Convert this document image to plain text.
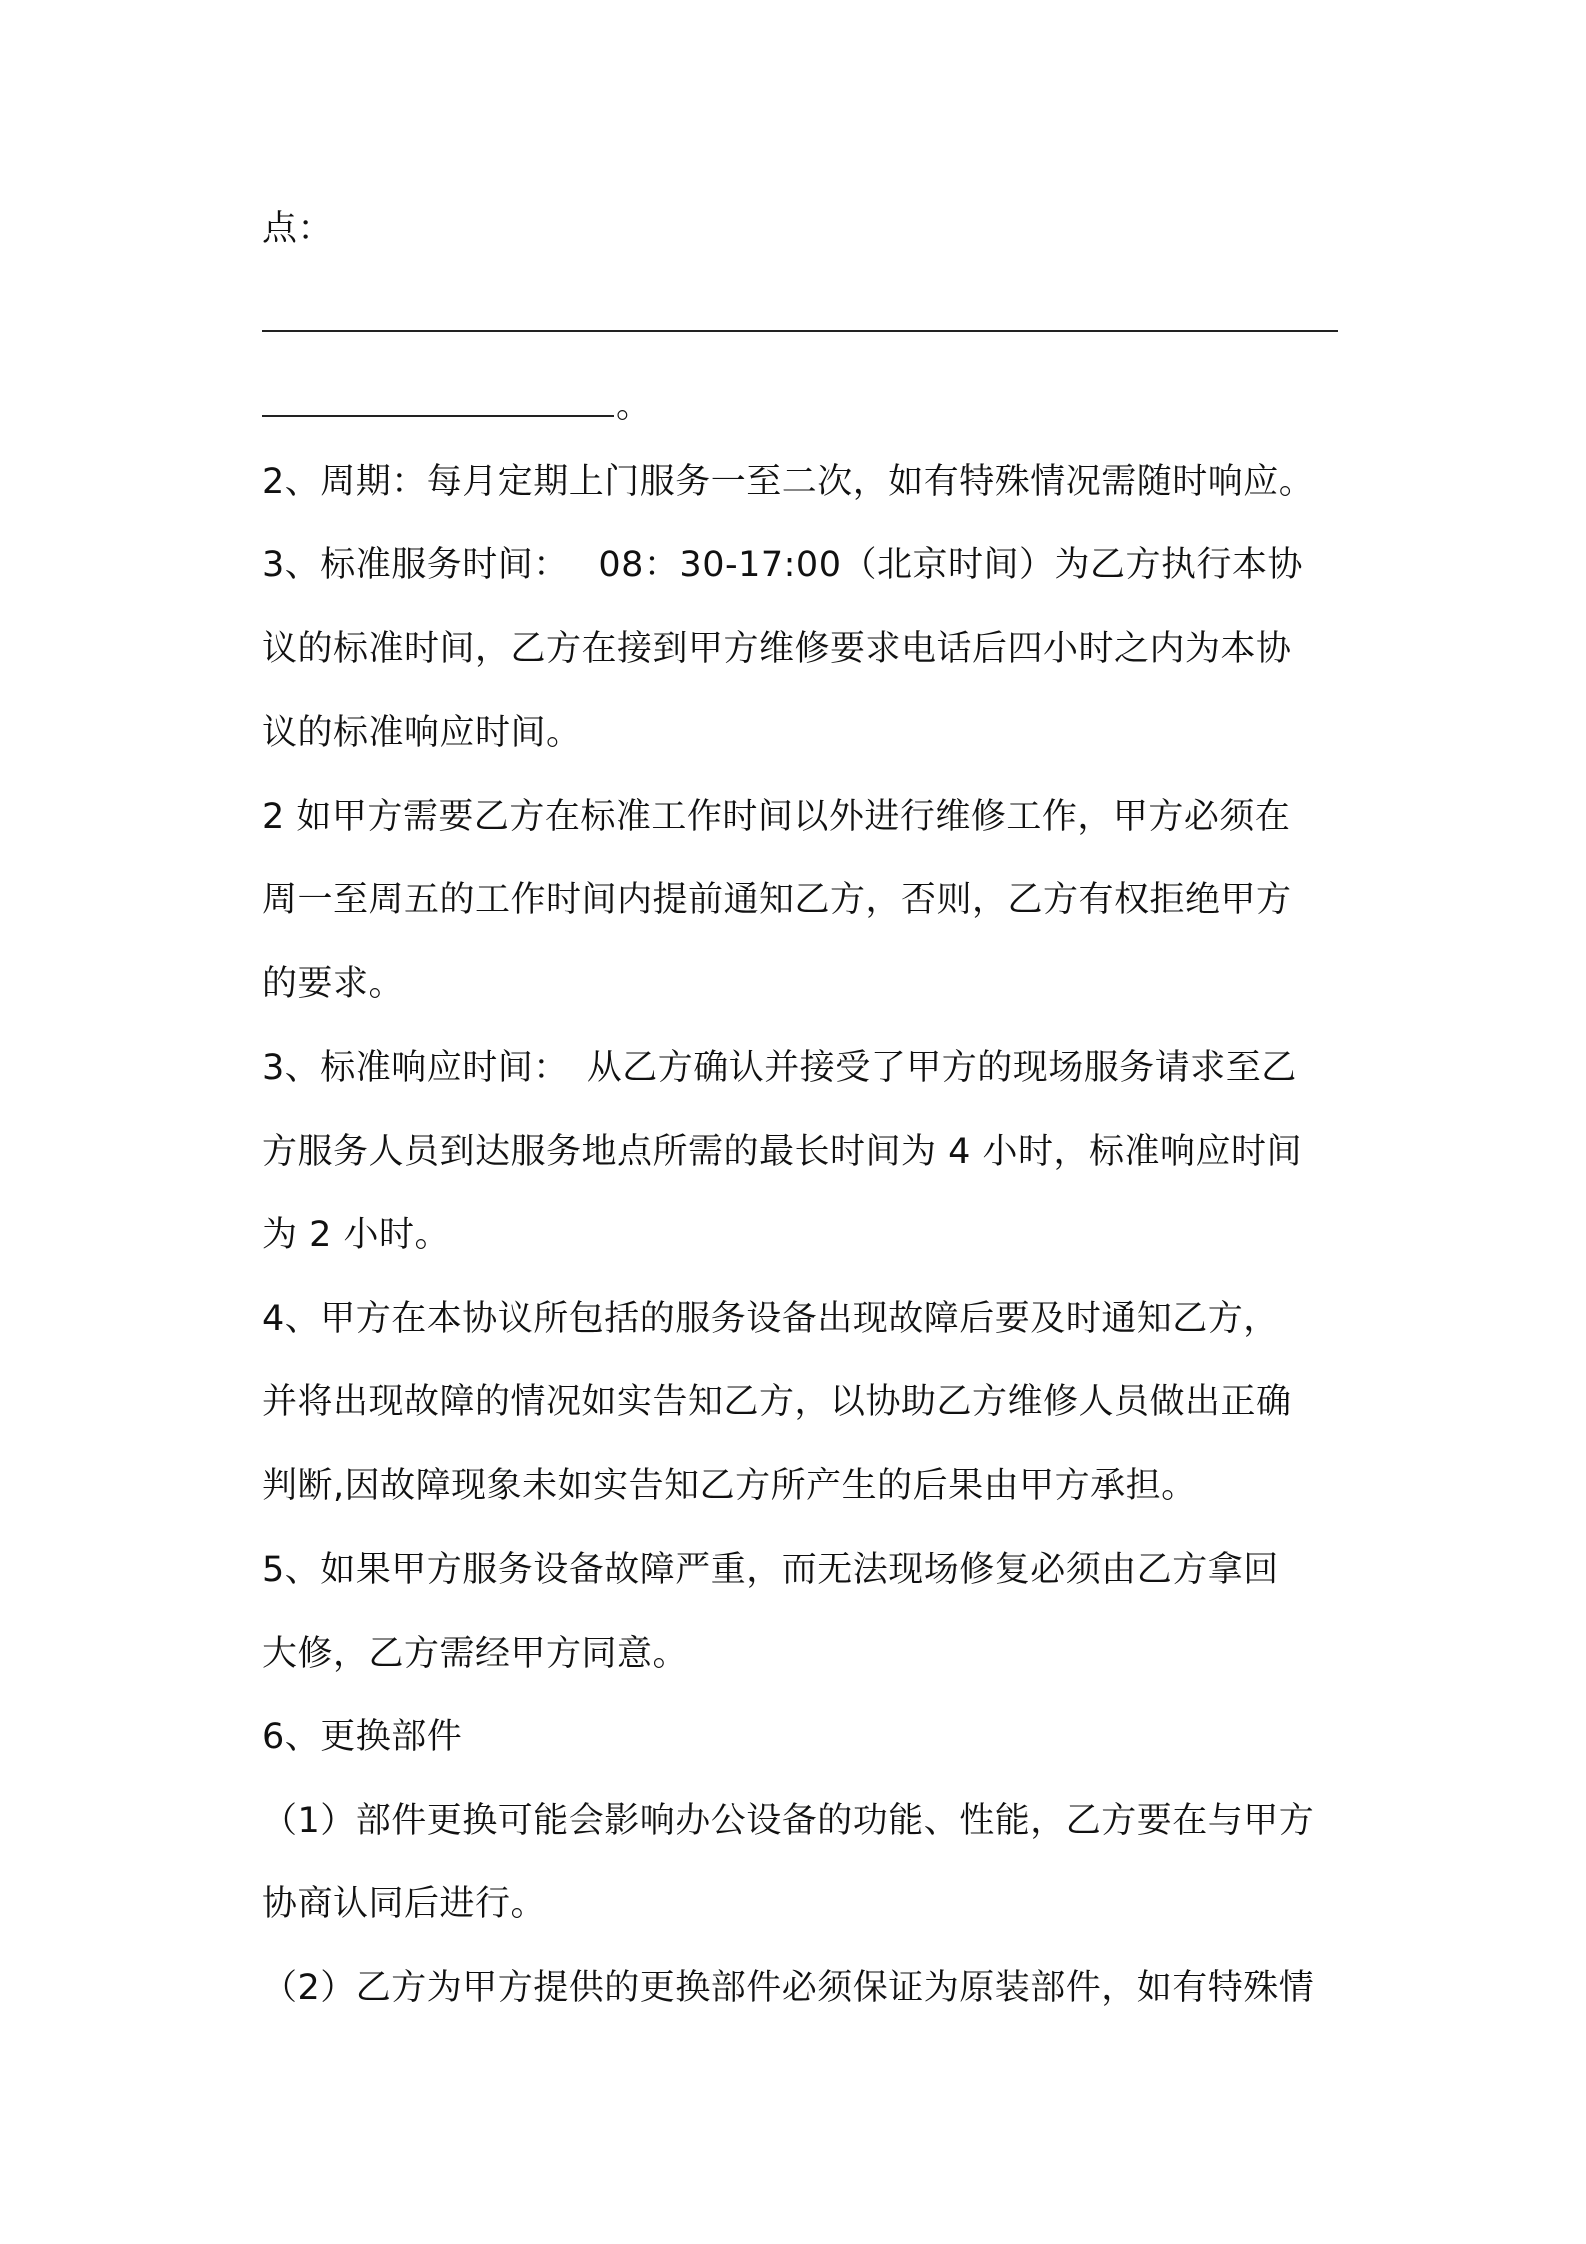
点：
。
2、周期：每月定期上门服务一至二次，如有特殊情况需随时响应。
3、标准服务时间：　 08：30-17:00（北京时间）为乙方执行本协
议的标准时间，乙方在接到甲方维修要求电话后四小时之内为本协
议的标准响应时间。
2 如甲方需要乙方在标准工作时间以外进行维修工作，甲方必须在
周一至周五的工作时间内提前通知乙方，否则，乙方有权拒绝甲方
的要求。
3、标准响应时间：　从乙方确认并接受了甲方的现场服务请求至乙
方服务人员到达服务地点所需的最长时间为 4 小时，标准响应时间
为 2 小时。
4、甲方在本协议所包括的服务设备出现故障后要及时通知乙方，
并将出现故障的情况如实告知乙方，以协助乙方维修人员做出正确
判断,因故障现象未如实告知乙方所产生的后果由甲方承担。
5、如果甲方服务设备故障严重，而无法现场修复必须由乙方拿回
大修，乙方需经甲方同意。
6、更换部件
（1）部件更换可能会影响办公设备的功能、性能，乙方要在与甲方
协商认同后进行。
（2）乙方为甲方提供的更换部件必须保证为原装部件，如有特殊情
